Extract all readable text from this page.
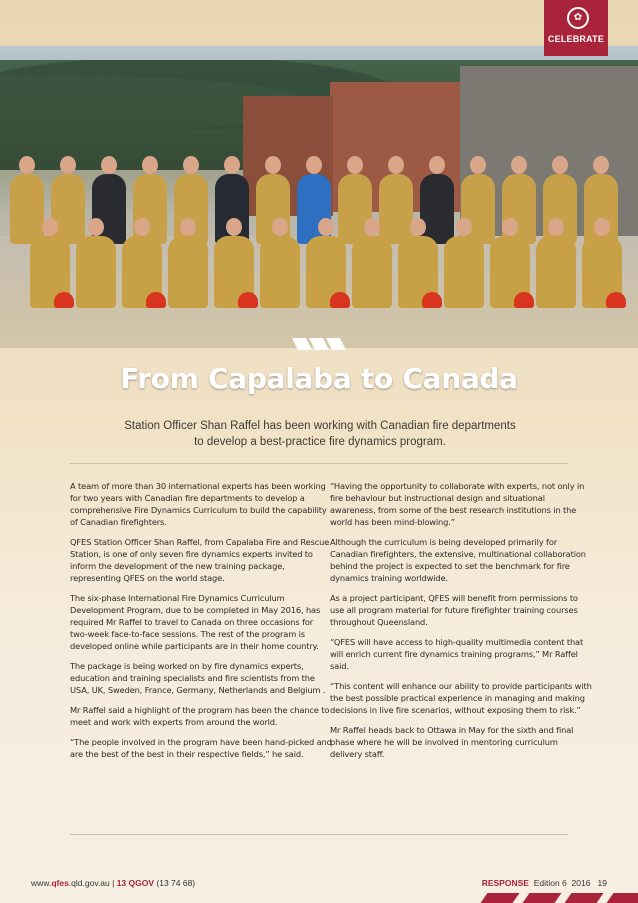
✿
CELEBRATE
From Capalaba to Canada
Station Officer Shan Raffel has been working with Canadian fire departments
to develop a best-practice fire dynamics program.

A team of more than 30 international experts has been working for two years with Canadian fire departments to develop a comprehensive Fire Dynamics Curriculum to build the capability of Canadian firefighters.

QFES Station Officer Shan Raffel, from Capalaba Fire and Rescue Station, is one of only seven fire dynamics experts invited to inform the development of the new training package, representing QFES on the world stage.

The six-phase International Fire Dynamics Curriculum Development Program, due to be completed in May 2016, has required Mr Raffel to travel to Canada on three occasions for two-week face-to-face sessions. The rest of the program is developed online while participants are in their home country.

The package is being worked on by fire dynamics experts, education and training specialists and fire scientists from the USA, UK, Sweden, France, Germany, Netherlands and Belgium .

Mr Raffel said a highlight of the program has been the chance to meet and work with experts from around the world.

“The people involved in the program have been hand-picked and are the best of the best in their respective fields,” he said.

“Having the opportunity to collaborate with experts, not only in fire behaviour but instructional design and situational awareness, from some of the best research institutions in the world has been mind-blowing.”

Although the curriculum is being developed primarily for Canadian firefighters, the extensive, multinational collaboration behind the project is expected to set the benchmark for fire dynamics training worldwide.

As a project participant, QFES will benefit from permissions to use all program material for future firefighter training courses throughout Queensland.

“QFES will have access to high-quality multimedia content that will enrich current fire dynamics training programs,” Mr Raffel said.

“This content will enhance our ability to provide participants with the best possible practical experience in managing and making decisions in live fire scenarios, without exposing them to risk.”

Mr Raffel heads back to Ottawa in May for the sixth and final phase where he will be involved in mentoring curriculum delivery staff.

www.qfes.qld.gov.au | 13 QGOV (13 74 68)	RESPONSE Edition 6 2016 19
